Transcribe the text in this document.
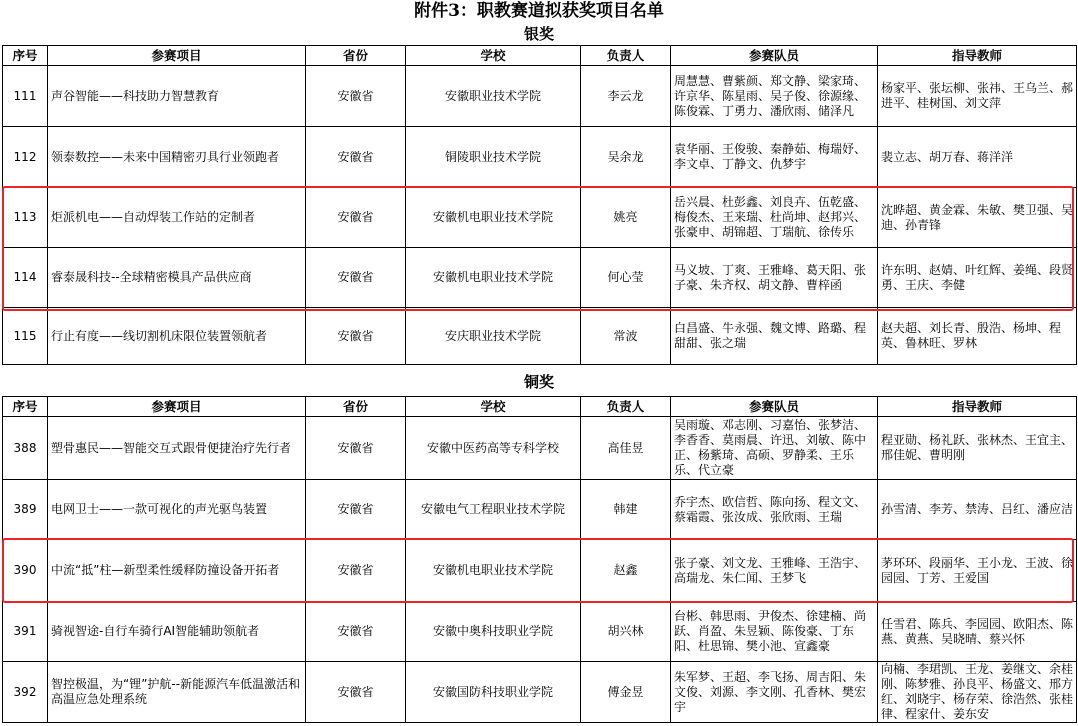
附件3：职教赛道拟获奖项目名单
银奖
序号	参赛项目	省份	学校	负责人	参赛队员	指导教师
111	声谷智能——科技助力智慧教育	安徽省	安徽职业技术学院	李云龙	周慧慧、曹紫颜、郑文静、梁家琦、许京华、陈星雨、吴子俊、徐源缘、陈俊霖、丁勇力、潘欣雨、储泽凡	杨家平、张坛柳、张祎、王乌兰、郝进平、桂树国、刘文萍

112	领泰数控——未来中国精密刃具行业领跑者	安徽省	铜陵职业技术学院	吴余龙	袁华丽、王俊骏、秦静茹、梅瑞妤、李文卓、丁静文、仇梦宇	裴立志、胡万春、蒋洋洋

113	炬派机电——自动焊装工作站的定制者	安徽省	安徽机电职业技术学院	姚亮	岳兴晨、杜彭鑫、刘良卉、伍乾盛、梅俊杰、王来瑞、杜尚坤、赵邦兴、张豪申、胡锦超、丁瑞航、徐传乐	沈晔超、黄金霖、朱敏、樊卫强、吴迪、孙青锋

114	睿泰晟科技--全球精密模具产品供应商	安徽省	安徽机电职业技术学院	何心莹	马义坡、丁爽、王雅峰、葛天阳、张子豪、朱齐权、胡文静、曹梓函	许东明、赵婧、叶红辉、姜绳、段贤勇、王庆、李健

115	行止有度——线切割机床限位装置领航者	安徽省	安庆职业技术学院	常波	白昌盛、牛永强、魏文博、路璐、程甜甜、张之瑞	赵夫超、刘长青、殷浩、杨坤、程英、鲁林旺、罗林
铜奖
序号	参赛项目	省份	学校	负责人	参赛队员	指导教师
388	塑骨惠民——智能交互式跟骨便捷治疗先行者	安徽省	安徽中医药高等专科学校	高佳昱	吴雨璇、邓志刚、习嘉怡、张梦洁、李香香、莫雨晨、许迅、刘敏、陈中正、杨紫琦、高硕、罗静柔、王乐乐、代立豪	程亚勋、杨礼跃、张林杰、王宜主、邢佳妮、曹明刚

389	电网卫士——一款可视化的声光驱鸟装置	安徽省	安徽电气工程职业技术学院	韩建	乔宇杰、欧信哲、陈向扬、程文文、蔡霜霞、张汝成、张欣雨、王瑞	孙雪清、李芳、禁涛、吕红、潘应洁

390	中流“抵”柱—新型柔性缓释防撞设备开拓者	安徽省	安徽机电职业技术学院	赵鑫	张子豪、刘文龙、王雅峰、王浩宇、高瑞龙、朱仁闻、王梦飞	茅环环、段丽华、王小龙、王波、徐园园、丁芳、王爱国

391	骑视智途-自行车骑行AI智能辅助领航者	安徽省	安徽中奥科技职业学院	胡兴林	台彬、韩思雨、尹俊杰、徐建楠、尚跃、肖盈、朱昱颖、陈俊豪、丁东阳、杜思锦、樊小池、宣鑫豪	任雪君、陈兵、李园园、欧阳杰、陈燕、黄燕、吴晓晴、蔡兴怀

392	智控极温，为“锂”护航--新能源汽车低温激活和高温应急处理系统	安徽省	安徽国防科技职业学院	傅金昱	朱军梦、王超、李飞扬、周吉阳、朱文俊、刘源、李文刚、孔香林、樊宏宇	向楠、李珺凯、王龙、姜继文、余桂刚、陈梦雅、孙良平、杨盛文、邢方红、刘晓宇、杨存荣、徐浩然、张桂律、程家什、姜东安
